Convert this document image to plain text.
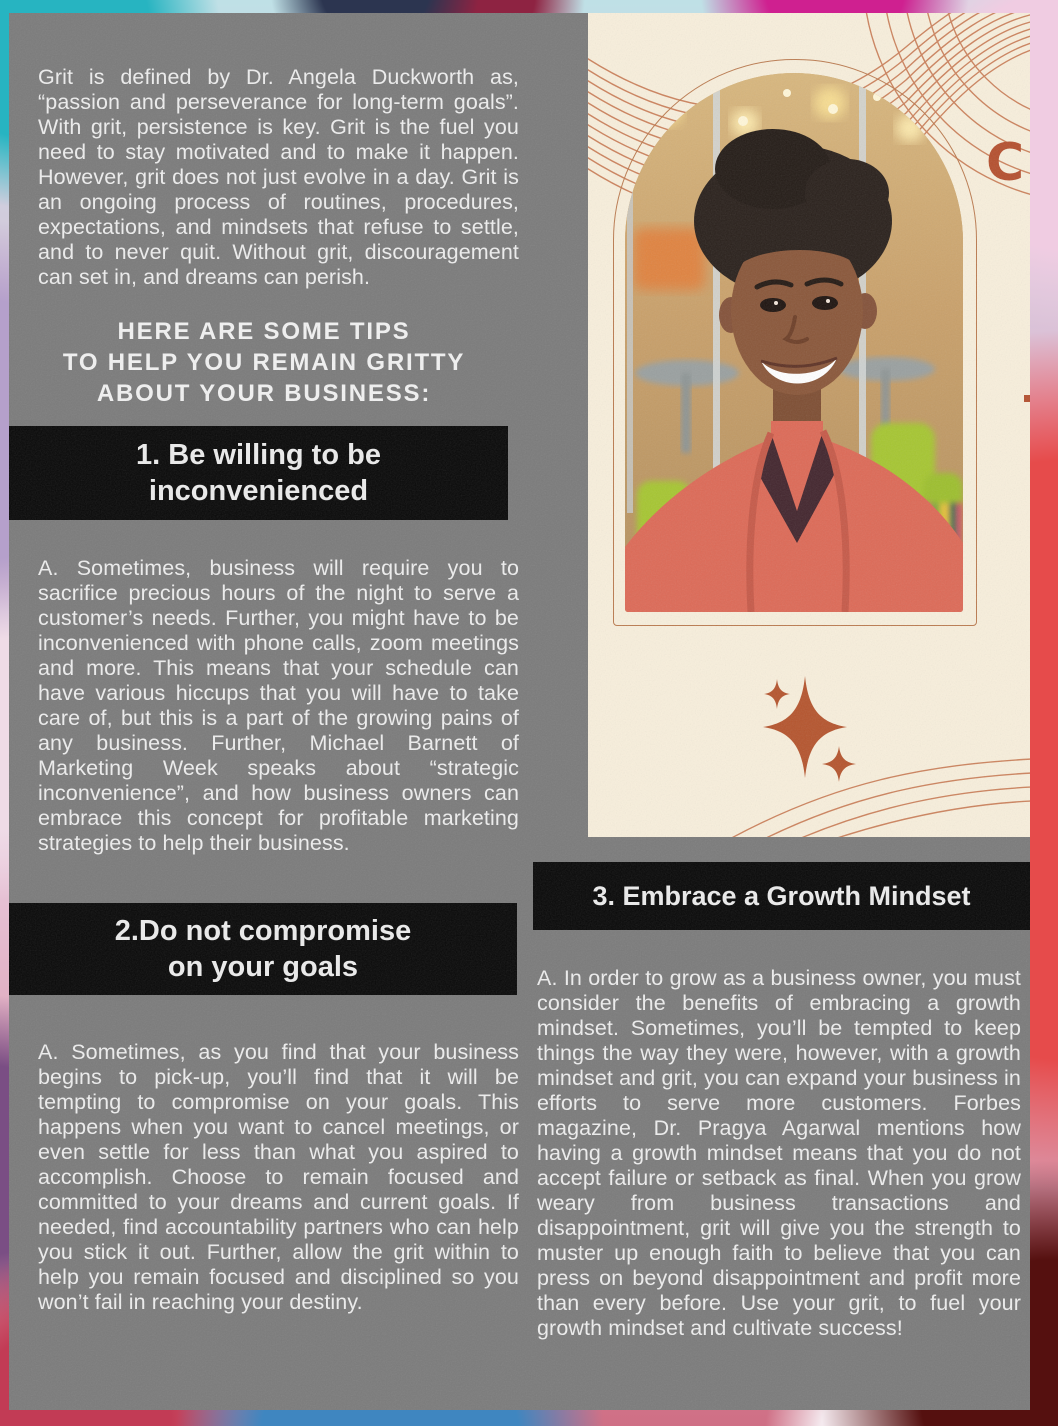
Grit is defined by Dr. Angela Duckworth as, “passion and perseverance for long-term goals”. With grit, persistence is key. Grit is the fuel you need to stay motivated and to make it happen. However, grit does not just evolve in a day. Grit is an ongoing process of routines, procedures, expectations, and mindsets that refuse to settle, and to never quit. Without grit, discouragement can set in, and dreams can perish.

HERE ARE SOME TIPS
TO HELP YOU REMAIN GRITTY
ABOUT YOUR BUSINESS:
1. Be willing to be
inconvenienced

A. Sometimes, business will require you to sacrifice precious hours of the night to serve a customer’s needs. Further, you might have to be inconvenienced with phone calls, zoom meetings and more. This means that your schedule can have various hiccups that you will have to take care of, but this is a part of the growing pains of any business. Further, Michael Barnett of Marketing Week speaks about “strategic inconvenience”, and how business owners can embrace this concept for profitable marketing strategies to help their business.

2.Do not compromise
on your goals

A. Sometimes, as you find that your business begins to pick-up, you’ll find that it will be tempting to compromise on your goals. This happens when you want to cancel meetings, or even settle for less than what you aspired to accomplish. Choose to remain focused and committed to your dreams and current goals. If needed, find accountability partners who can help you stick it out. Further, allow the grit within to help you remain focused and disciplined so you won’t fail in reaching your destiny.

C
3. Embrace a Growth Mindset

A. In order to grow as a business owner, you must consider the benefits of embracing a growth mindset. Sometimes, you’ll be tempted to keep things the way they were, however, with a growth mindset and grit, you can expand your business in efforts to serve more customers. Forbes magazine, Dr. Pragya Agarwal mentions how having a growth mindset means that you do not accept failure or setback as final. When you grow weary from business transactions and disappointment, grit will give you the strength to muster up enough faith to believe that you can press on beyond disappointment and profit more than every before. Use your grit, to fuel your growth mindset and cultivate success!
